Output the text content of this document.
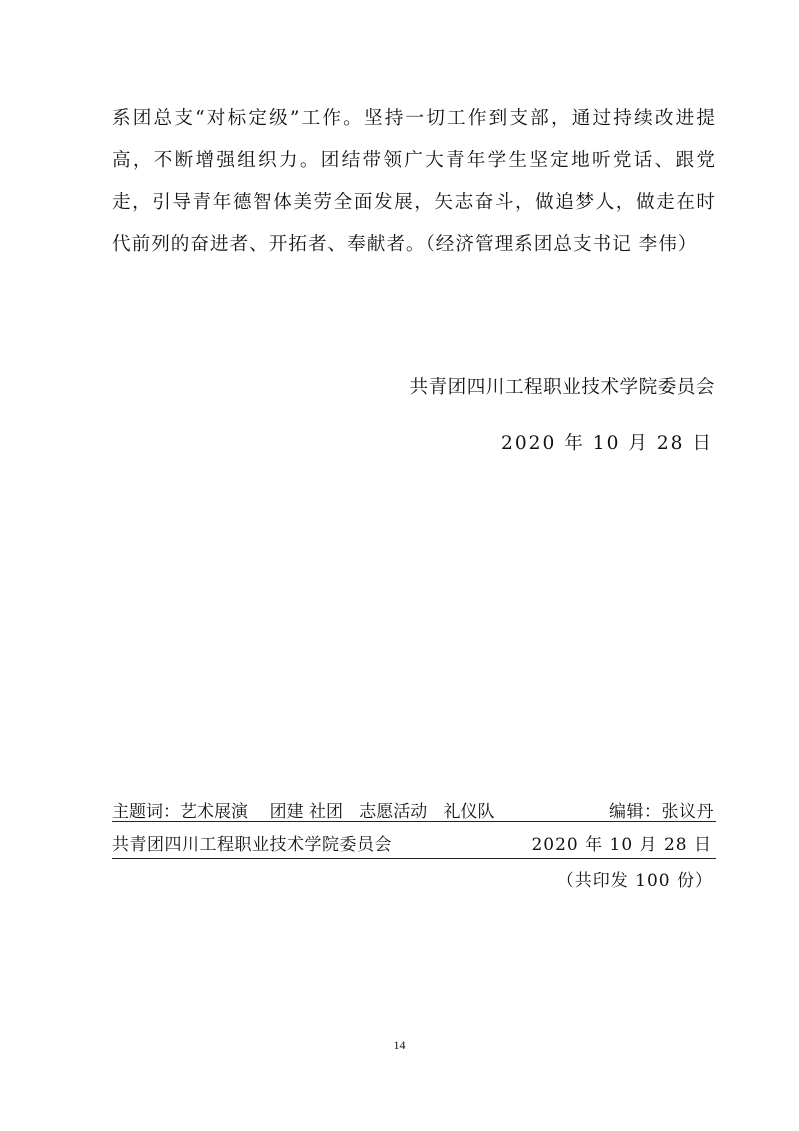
系团总支“对标定级”工作。坚持一切工作到支部，通过持续改进提高，不断增强组织力。团结带领广大青年学生坚定地听党话、跟党走，引导青年德智体美劳全面发展，矢志奋斗，做追梦人，做走在时代前列的奋进者、开拓者、奉献者。（经济管理系团总支书记 李伟）

共青团四川工程职业技术学院委员会
2020 年 10 月 28 日
主题词：艺术展演    团建 社团   志愿活动   礼仪队	编辑：张议丹
共青团四川工程职业技术学院委员会	2020 年 10 月 28 日
（共印发 100 份）
14
